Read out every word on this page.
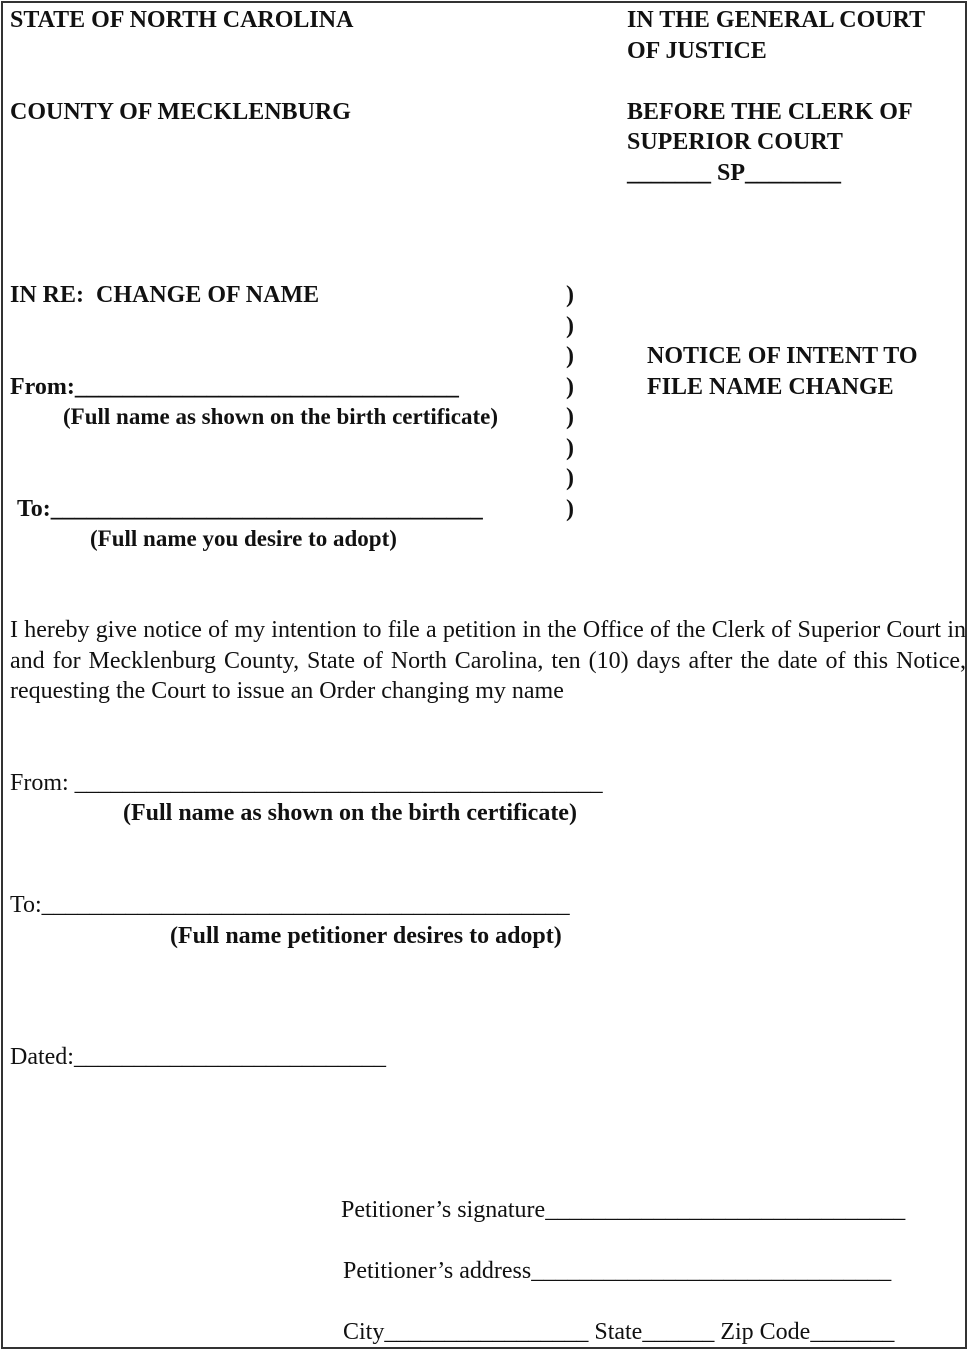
STATE OF NORTH CAROLINA
COUNTY OF MECKLENBURG
IN THE GENERAL COURT
OF JUSTICE
BEFORE THE CLERK OF
SUPERIOR COURT
_______ SP________
IN RE:  CHANGE OF NAME
From:________________________________
(Full name as shown on the birth certificate)
To:____________________________________
(Full name you desire to adopt)
)
)
)
)
)
)
)
)
NOTICE OF INTENT TO
FILE NAME CHANGE
I hereby give notice of my intention to file a petition in the Office of the Clerk of Superior Court in and for Mecklenburg County, State of North Carolina, ten (10) days after the date of this Notice, requesting the Court to issue an Order changing my name
From: ____________________________________________
(Full name as shown on the birth certificate)
To:____________________________________________
(Full name petitioner desires to adopt)
Dated:__________________________
Petitioner’s signature______________________________
Petitioner’s address______________________________
City_________________ State______ Zip Code_______
